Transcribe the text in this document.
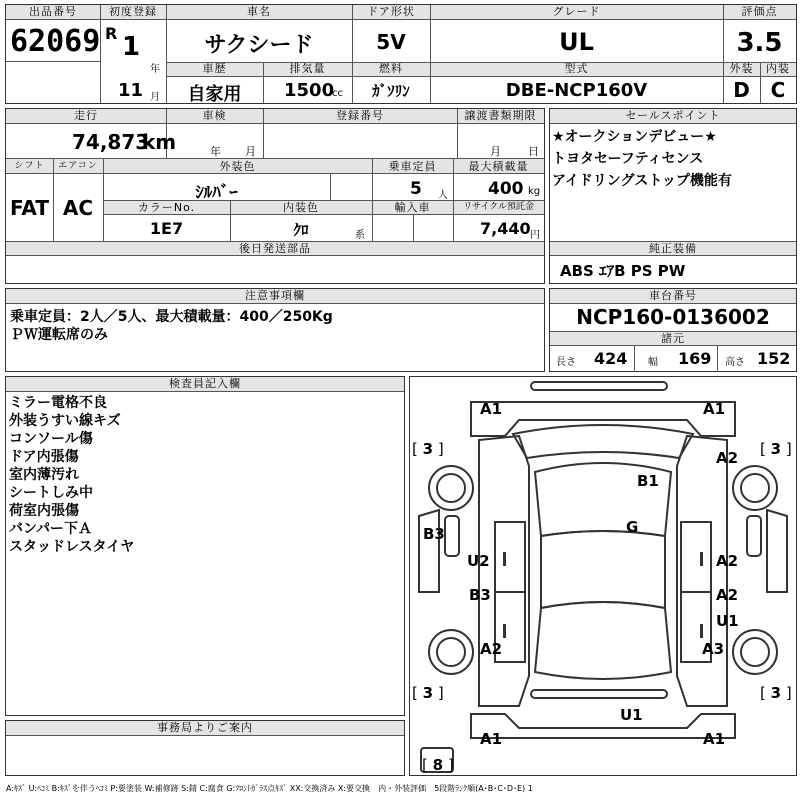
出品番号
62069
初度登録
R 1
年
11 月
車名
サクシード
ドア形状
5V
グレード
UL
評価点
3.5
外装	内装
D	C
車歴
自家用
排気量
1500
cc
燃料
ｶﾞｿﾘﾝ
型式
DBE-NCP160V
走行
74,873
km
車検
年 月
登録番号	譲渡書類期限
月 日
シフト
FAT
エアコン
AC
外装色
ｼﾙﾊﾞｰ
乗車定員
5 人
最大積載量
400 kg
カラーNo.
1E7
内装色
ｸﾛ	系
輸入車	リサイクル預託金
7,440 円
後日発送部品
セールスポイント
★オークションデビュー★
トヨタセーフティセンス
アイドリングストップ機能有
純正装備
ABS ｴｱB PS PW
注意事項欄
乗車定員：2人／5人、最大積載量：400／250Kg
ＰＷ運転席のみ
車台番号
NCP160-0136002
諸元
長さ 424 幅 169 高さ 152
検査員記入欄
ミラー電格不良
外装うすい線キズ
コンソール傷
ドア内張傷
室内薄汚れ
シートしみ中
荷室内張傷
バンパー下Ａ
スタッドレスタイヤ
事務局よりご案内
A1	A1
A2
B1
G
B3
U2	A2
B3	A2
U1
A2	A3
U1
A1	A1
[ 3 ]	[ 3 ]
[ 3 ]	[ 3 ]
[ 8 ]
A:ｷｽﾞ U:ﾍｺﾐ B:ｷｽﾞを伴うﾍｺﾐ P:要塗装 W:補修跡 S:錆 C:腐食 G:ﾌﾛﾝﾄｶﾞﾗｽ点ｷｽﾞ XX:交換済み X:要交換　内・外装評価　5段階ﾗﾝｸ順(A･B･C･D･E) 1
